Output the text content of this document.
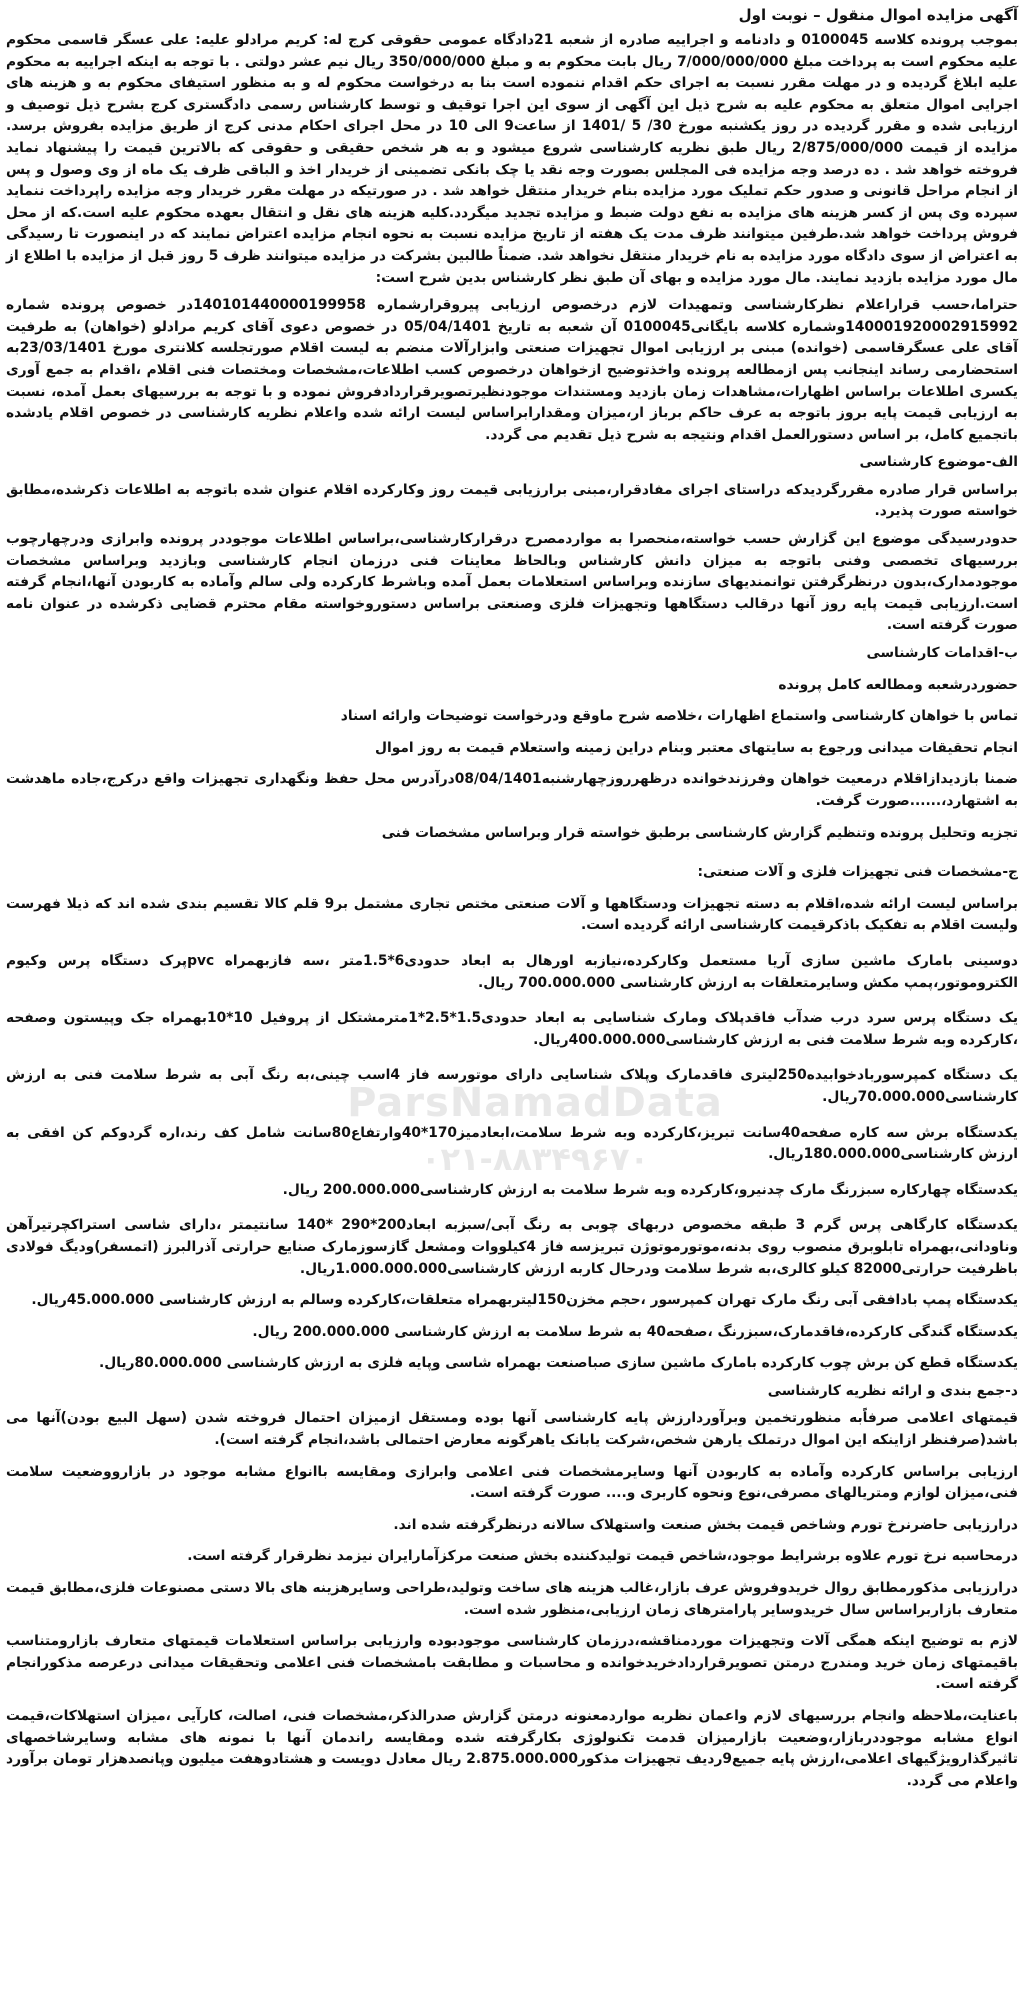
ParsNamadData
۰۲۱-۸۸۳۴۹۶۷۰

آگهی مزایده اموال منقول – نوبت اول

بموجب پرونده کلاسه 0100045 و دادنامه و اجراییه صادره از شعبه 21دادگاه عمومی حقوقی کرج له: کریم مرادلو علیه: علی عسگر قاسمی محکوم علیه محکوم است به پرداخت مبلغ 7/000/000/000 ریال بابت محکوم به و مبلغ 350/000/000 ریال نیم عشر دولتی . با توجه به اینکه اجراییه به محکوم علیه ابلاغ گردیده و در مهلت مقرر نسبت به اجرای حکم اقدام ننموده است بنا به درخواست محکوم له و به منظور استیفای محکوم به و هزینه های اجرایی اموال متعلق به محکوم علیه به شرح ذیل این آگهی از سوی این اجرا توقیف و توسط کارشناس رسمی دادگستری کرج بشرح ذیل توصیف و ارزیابی شده و مقرر گردیده در روز یکشنبه مورخ 30/ 5 /1401 از ساعت9 الی 10 در محل اجرای احکام مدنی کرج از طریق مزایده بفروش برسد. مزایده از قیمت 2/875/000/000 ریال طبق نظریه کارشناسی شروع میشود و به هر شخص حقیقی و حقوقی که بالاترین قیمت را پیشنهاد نماید فروخته خواهد شد . ده درصد وجه مزایده فی المجلس بصورت وجه نقد یا چک بانکی تضمینی از خریدار اخذ و الباقی ظرف یک ماه از وی وصول و پس از انجام مراحل قانونی و صدور حکم تملیک مورد مزایده بنام خریدار منتقل خواهد شد . در صورتیکه در مهلت مقرر خریدار وجه مزایده راپرداخت ننماید سپرده وی پس از کسر هزینه های مزایده به نفع دولت ضبط و مزایده تجدید میگردد.کلیه هزینه های نقل و انتقال بعهده محکوم علیه است.که از محل فروش پرداخت خواهد شد.طرفین میتوانند ظرف مدت یک هفته از تاریخ مزایده نسبت به نحوه انجام مزایده اعتراض نمایند که در اینصورت تا رسیدگی به اعتراض از سوی دادگاه مورد مزایده به نام خریدار منتقل نخواهد شد. ضمناً طالبین بشرکت در مزایده میتوانند ظرف 5 روز قبل از مزایده با اطلاع از مال مورد مزایده بازدید نمایند. مال مورد مزایده و بهای آن طبق نظر کارشناس بدین شرح است:

حتراما،حسب قراراعلام نظرکارشناسی وتمهیدات لازم درخصوص ارزیابی پیروقرارشماره 140101440000199958در خصوص پرونده شماره 140001920002915992وشماره کلاسه بایگانی0100045 آن شعبه به تاریخ 05/04/1401 در خصوص دعوی آقای کریم مرادلو (خواهان) به طرفیت آقای علی عسگرقاسمی (خوانده) مبنی بر ارزیابی اموال تجهیزات صنعتی وابزارآلات منضم به لیست اقلام صورتجلسه کلانتری مورخ 23/03/1401به استحضارمی رساند اینجانب پس ازمطالعه پرونده واخذتوضیح ازخواهان درخصوص کسب اطلاعات،مشخصات ومختصات فنی اقلام ،اقدام به جمع آوری یکسری اطلاعات براساس اظهارات،مشاهدات زمان بازدید ومستندات موجودنظیرتصویرقراردادفروش نموده و با توجه به بررسیهای بعمل آمده، نسبت به ارزیابی قیمت پایه بروز باتوجه به عرف حاکم برباز ار،میزان ومقدارابراساس لیست ارائه شده واعلام نظریه کارشناسی در خصوص اقلام یادشده باتجمیع کامل، بر اساس دستورالعمل اقدام ونتیجه به شرح ذیل تقدیم می گردد.

الف-موضوع کارشناسی

براساس قرار صادره مقررگردیدکه دراستای اجرای مفادقرار،مبنی برارزیابی قیمت روز وکارکرده اقلام عنوان شده باتوجه به اطلاعات ذکرشده،مطابق خواسته صورت پذیرد.

حدودرسیدگی موضوع این گزارش حسب خواسته،منحصرا به مواردمصرح درقرارکارشناسی،براساس اطلاعات موجوددر پرونده وابرازی ودرچهارچوب بررسیهای تخصصی وفنی باتوجه به میزان دانش کارشناس وبالحاظ معاینات فنی درزمان انجام کارشناسی وبازدید وبراساس مشخصات موجودمدارک،بدون درنظرگرفتن توانمندیهای سازنده وبراساس استعلامات بعمل آمده وباشرط کارکرده ولی سالم وآماده به کاربودن آنها،انجام گرفته است.ارزیابی قیمت پایه روز آنها درقالب دستگاهها وتجهیزات فلزی وصنعتی براساس دستوروخواسته مقام محترم قضایی ذکرشده در عنوان نامه صورت گرفته است.

ب-اقدامات کارشناسی

حضوردرشعبه ومطالعه کامل پرونده

تماس با خواهان کارشناسی واستماع اظهارات ،خلاصه شرح ماوقع ودرخواست توضیحات وارائه اسناد

انجام تحقیقات میدانی ورجوع به سایتهای معتبر وبنام دراین زمینه واستعلام قیمت به روز اموال

ضمنا بازدیدازاقلام درمعیت خواهان وفرزندخوانده درظهرروزچهارشنبه08/04/1401درآدرس محل حفظ ونگهداری تجهیزات واقع درکرج،جاده ماهدشت به اشتهارد،......صورت گرفت.

تجزیه وتحلیل پرونده وتنظیم گزارش کارشناسی برطبق خواسته قرار وبراساس مشخصات فنی

ج-مشخصات فنی تجهیزات فلزی و آلات صنعتی:

براساس لیست ارائه شده،اقلام به دسته تجهیزات ودستگاهها و آلات صنعتی مختص تجاری مشتمل بر9 قلم کالا تقسیم بندی شده اند که ذیلا فهرست ولیست اقلام به تفکیک باذکرقیمت کارشناسی ارائه گردیده است.

دوسینی بامارک ماشین سازی آریا مستعمل وکارکرده،نیازبه اورهال به ابعاد حدودی6*1.5متر ،سه فازبهمراه pvcپرک دستگاه پرس وکیوم الکتروموتور،پمپ مکش وسایرمتعلقات به ارزش کارشناسی 700.000.000 ریال.

یک دستگاه پرس سرد درب ضدآب فاقدپلاک ومارک شناسایی به ابعاد حدودی1.5*2.5*1مترمشتکل از پروفیل 10*10بهمراه جک وپیستون وصفحه ،کارکرده وبه شرط سلامت فنی به ارزش کارشناسی400.000.000ریال.

یک دستگاه کمپرسوربادخوابیده250لیتری فاقدمارک وپلاک شناسایی دارای موتورسه فاز 4اسب چینی،به رنگ آبی به شرط سلامت فنی به ارزش کارشناسی70.000.000ریال.

یکدستگاه برش سه کاره صفحه40سانت تبریز،کارکرده وبه شرط سلامت،ابعادمیز170*40وارتفاع80سانت شامل کف رند،اره گردوکم کن افقی به ارزش کارشناسی180.000.000ریال.

یکدستگاه چهارکاره سبزرنگ مارک چدنیرو،کارکرده وبه شرط سلامت به ارزش کارشناسی200.000.000 ریال.

یکدستگاه کارگاهی پرس گرم 3 طبقه مخصوص دربهای چوبی به رنگ آبی/سبزبه ابعاد200*290 *140 سانتیمتر ،دارای شاسی استراکچرتیرآهن وناودانی،بهمراه تابلوبرق منصوب روی بدنه،موتورموتوژن تبریزسه فاز 4کیلووات ومشعل گازسوزمارک صنایع حرارتی آذرالبرز (اتمسفر)ودیگ فولادی باظرفیت حرارتی82000 کیلو کالری،به شرط سلامت ودرحال کاربه ارزش کارشناسی1.000.000.000ریال.

یکدستگاه پمپ بادافقی آبی رنگ مارک تهران کمپرسور ،حجم مخزن150لیتربهمراه متعلقات،کارکرده وسالم به ارزش کارشناسی 45.000.000ریال.

یکدستگاه گندگی کارکرده،فاقدمارک،سبزرنگ ،صفحه40 به شرط سلامت به ارزش کارشناسی 200.000.000 ریال.

یکدستگاه قطع کن برش چوب کارکرده بامارک ماشین سازی صباصنعت بهمراه شاسی وپایه فلزی به ارزش کارشناسی 80.000.000ریال.

د-جمع بندی و ارائه نظریه کارشناسی

قیمتهای اعلامی صرفاًبه منظورتخمین وبرآوردارزش پایه کارشناسی آنها بوده ومستقل ازمیزان احتمال فروخته شدن (سهل البیع بودن)آنها می باشد(صرفنظر ازاینکه این اموال درتملک یارهن شخص،شرکت یابانک یاهرگونه معارض احتمالی باشد،انجام گرفته است).

ارزیابی براساس کارکرده وآماده به کاربودن آنها وسایرمشخصات فنی اعلامی وابرازی ومقایسه باانواع مشابه موجود در بازارووضعیت سلامت فنی،میزان لوازم ومتریالهای مصرفی،نوع ونحوه کاربری و.... صورت گرفته است.

درارزیابی حاضرنرخ تورم وشاخص قیمت بخش صنعت واستهلاک سالانه درنظرگرفته شده اند.

درمحاسبه نرخ تورم علاوه برشرایط موجود،شاخص قیمت تولیدکننده بخش صنعت مرکزآمارایران نیزمد نظرقرار گرفته است.

درارزیابی مذکورمطابق روال خریدوفروش عرف بازار،غالب هزینه های ساخت وتولید،طراحی وسایرهزینه های بالا دستی مصنوعات فلزی،مطابق قیمت متعارف بازاربراساس سال خریدوسایر پارامترهای زمان ارزیابی،منظور شده است.

لازم به توضیح اینکه همگی آلات وتجهیزات موردمناقشه،درزمان کارشناسی موجودبوده وارزیابی براساس استعلامات قیمتهای متعارف بازارومتناسب باقیمتهای زمان خرید ومندرج درمتن تصویرقراردادخریدخوانده و محاسبات و مطابقت بامشخصات فنی اعلامی وتحقیقات میدانی درعرصه مذکورانجام گرفته است.

باعنایت،ملاحظه وانجام بررسیهای لازم واعمان نظربه مواردمعنونه درمتن گزارش صدرالذکر،مشخصات فنی، اصالت، کارآیی ،میزان استهلاکات،قیمت انواع مشابه موجوددربازار،وضعیت بازارمیزان قدمت تکنولوژی بکارگرفته شده ومقایسه راندمان آنها با نمونه های مشابه وسایرشاخصهای تاثیرگذارویژگیهای اعلامی،ارزش پایه جمیع9ردیف تجهیزات مذکور2.875.000.000 ریال معادل دویست و هشتادوهفت میلیون وپانصدهزار تومان برآورد واعلام می گردد.
